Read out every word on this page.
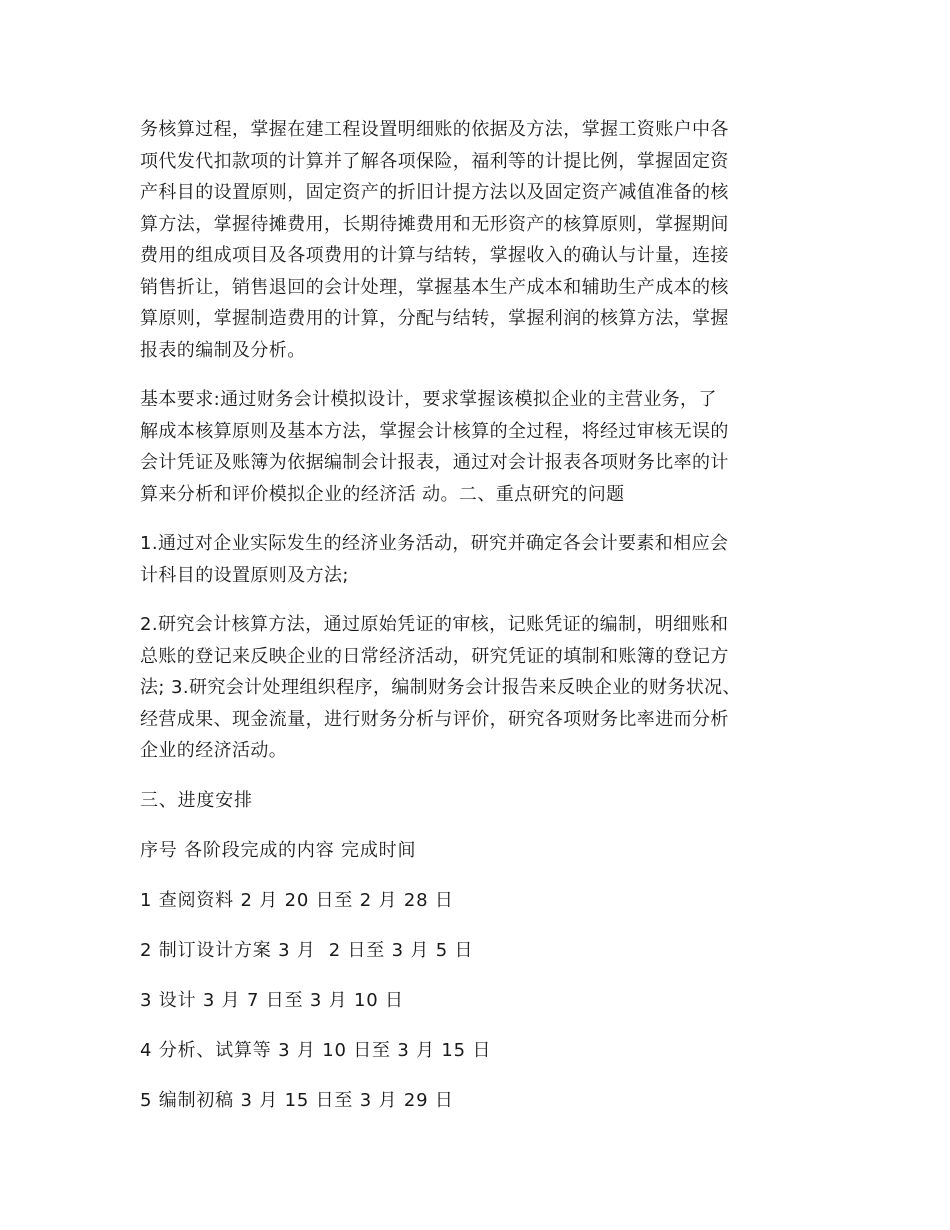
务核算过程，掌握在建工程设置明细账的依据及方法，掌握工资账户中各
项代发代扣款项的计算并了解各项保险，福利等的计提比例，掌握固定资
产科目的设置原则，固定资产的折旧计提方法以及固定资产减值准备的核
算方法，掌握待摊费用，长期待摊费用和无形资产的核算原则，掌握期间
费用的组成项目及各项费用的计算与结转，掌握收入的确认与计量，连接
销售折让，销售退回的会计处理，掌握基本生产成本和辅助生产成本的核
算原则，掌握制造费用的计算，分配与结转，掌握利润的核算方法，掌握
报表的编制及分析。

基本要求:通过财务会计模拟设计，要求掌握该模拟企业的主营业务，了
解成本核算原则及基本方法，掌握会计核算的全过程，将经过审核无误的
会计凭证及账簿为依据编制会计报表，通过对会计报表各项财务比率的计
算来分析和评价模拟企业的经济活 动。二、重点研究的问题

1.通过对企业实际发生的经济业务活动，研究并确定各会计要素和相应会
计科目的设置原则及方法;

2.研究会计核算方法，通过原始凭证的审核，记账凭证的编制，明细账和
总账的登记来反映企业的日常经济活动，研究凭证的填制和账簿的登记方
法; 3.研究会计处理组织程序，编制财务会计报告来反映企业的财务状况、
经营成果、现金流量，进行财务分析与评价，研究各项财务比率进而分析
企业的经济活动。

三、进度安排

序号 各阶段完成的内容 完成时间

1 查阅资料 2 月 20 日至 2 月 28 日

2 制订设计方案 3 月  2 日至 3 月 5 日

3 设计 3 月 7 日至 3 月 10 日

4 分析、试算等 3 月 10 日至 3 月 15 日

5 编制初稿 3 月 15 日至 3 月 29 日
